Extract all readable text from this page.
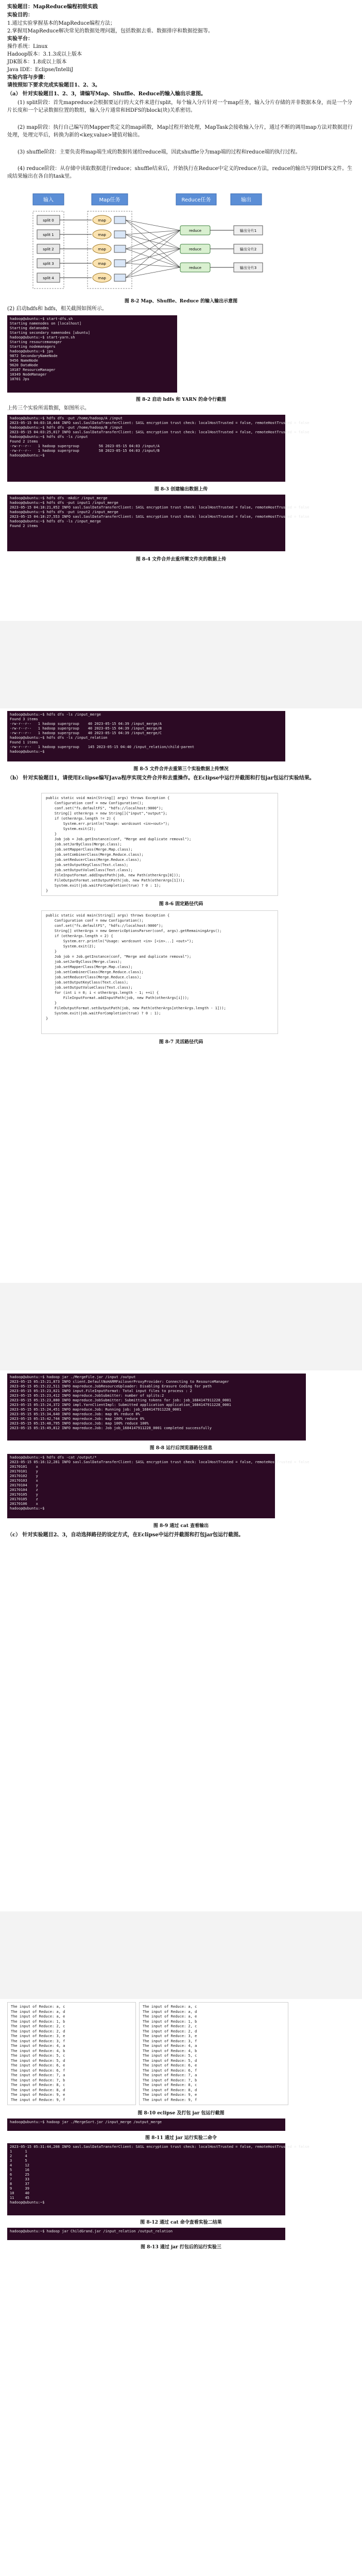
实验题目：MapReduce编程初级实践
实验目的：
1.通过实验掌握基本的MapReduce编程方法；
2.掌握用MapReduce解决常见的数据处理问题，包括数据去重、数据排序和数据挖掘等。
实验平台：
操作系统：Linux
Hadoop版本：3.1.3或以上版本
JDK版本：1.8或以上版本
Java IDE：Eclipse/IntelliJ
实验内容与步骤：
请按照如下要求完成实验题目1、2、3。
（a） 针对实验题目1、2、3，请编写Map、Shuffle、Reduce的输入输出示意图。
(1) split阶段：首先mapreduce会根据要运行的大文件来进行split，每个输入分片针对一个map任务，输入分片存储的并非数据本身，而是一个分片长度和一个记录数据位置的数组，输入分片通常和HDFS的block(块)关系密切。
(2) map阶段：执行自己编写的Mapper类定义的map函数，Map过程开始处理，MapTask会接收输入分片，通过不断的调用map方法对数据进行处理，处理完毕后，转换为新的<key,value>键值对输出。
(3) shuffle阶段：主要负责将map端生成的数据传递给reduce端，因此shuffle分为map端的过程和reduce端的执行过程。
(4) reduce阶段：从存储中读取数据进行reduce；shuffle结束后，开始执行在Reduce中定义的reduce方法，reduce的输出写到HDFS文件。生成结果输出在各自的task里。
输入	Map任务	Reduce任务	输出
split 0
split 1
split 2
split 3
split 4
map
map
map
map
map
reduce
reduce
reduce
输出分片1
输出分片2
输出分片3
图 8-2 Map、Shuffle、Reduce 的输入输出示意图
(2) 启动hdfs和 hdfs，相关截图如图所示。
hadoop@ubuntu:~$ start-dfs.sh
Starting namenodes on [localhost]
Starting datanodes
Starting secondary namenodes [ubuntu]
hadoop@ubuntu:~$ start-yarn.sh
Starting resourcemanager
Starting nodemanagers
hadoop@ubuntu:~$ jps
9872 SecondaryNameNode
9456 NameNode
9620 DataNode
10187 ResourceManager
10349 NodeManager
10701 Jps
图 8-2 启动 hdfs 和 YARN 的命令行截图
上传三个实验所需数据，如图所示。
hadoop@ubuntu:~$ hdfs dfs -put /home/hadoop/A /input
2023-05-15 04:03:18,444 INFO sasl.SaslDataTransferClient: SASL encryption trust check: localHostTrusted = false, remoteHostTrusted = false
hadoop@ubuntu:~$ hdfs dfs -put /home/hadoop/B /input
2023-05-15 04:03:25,017 INFO sasl.SaslDataTransferClient: SASL encryption trust check: localHostTrusted = false, remoteHostTrusted = false
hadoop@ubuntu:~$ hdfs dfs -ls /input
Found 2 items
-rw-r--r--   1 hadoop supergroup         56 2023-05-15 04:03 /input/A
-rw-r--r--   1 hadoop supergroup         58 2023-05-15 04:03 /input/B
hadoop@ubuntu:~$
图 8-3 创建输出数据上传
hadoop@ubuntu:~$ hdfs dfs -mkdir /input_merge
hadoop@ubuntu:~$ hdfs dfs -put input1 /input_merge
2023-05-15 04:18:21,052 INFO sasl.SaslDataTransferClient: SASL encryption trust check: localHostTrusted = false, remoteHostTrusted = false
hadoop@ubuntu:~$ hdfs dfs -put input2 /input_merge
2023-05-15 04:18:27,553 INFO sasl.SaslDataTransferClient: SASL encryption trust check: localHostTrusted = false, remoteHostTrusted = false
hadoop@ubuntu:~$ hdfs dfs -ls /input_merge
Found 2 items
图 8-4 文件合并去重所需文件夹的数据上传
hadoop@ubuntu:~$ hdfs dfs -ls /input_merge
Found 3 items
-rw-r--r--   1 hadoop supergroup    40 2023-05-15 04:39 /input_merge/A
-rw-r--r--   1 hadoop supergroup    40 2023-05-15 04:39 /input_merge/B
-rw-r--r--   1 hadoop supergroup    40 2023-05-15 04:39 /input_merge/C
hadoop@ubuntu:~$ hdfs dfs -ls /input_relation
Found 1 items
-rw-r--r--   1 hadoop supergroup    145 2023-05-15 04:40 /input_relation/child-parent
hadoop@ubuntu:~$
图 8-5 文件合并去重第三个实验数据上传情况
（b） 针对实验题目1，请使用Eclipse编写Java程序实现文件合并和去重操作。在Eclipse中运行并截图和打包jar包运行实验结果。
public static void main(String[] args) throws Exception {
Configuration conf = new Configuration();
conf.set("fs.defaultFS", "hdfs://localhost:9000");
String[] otherArgs = new String[]{"input","output"};
if (otherArgs.length != 2) {
System.err.println("Usage: wordcount <in><out>");
System.exit(2);
}
Job job = Job.getInstance(conf, "Merge and duplicate removal");
job.setJarByClass(Merge.class);
job.setMapperClass(Merge.Map.class);
job.setCombinerClass(Merge.Reduce.class);
job.setReducerClass(Merge.Reduce.class);
job.setOutputKeyClass(Text.class);
job.setOutputValueClass(Text.class);
FileInputFormat.addInputPath(job, new Path(otherArgs[0]));
FileOutputFormat.setOutputPath(job, new Path(otherArgs[1]));
System.exit(job.waitForCompletion(true) ? 0 : 1);
}
图 8-6 固定路径代码
public static void main(String[] args) throws Exception {
Configuration conf = new Configuration();
conf.set("fs.defaultFS", "hdfs://localhost:9000");
String[] otherArgs = new GenericOptionsParser(conf, args).getRemainingArgs();
if (otherArgs.length < 2) {
System.err.println("Usage: wordcount <in> [<in>...] <out>");
System.exit(2);
}
Job job = Job.getInstance(conf, "Merge and duplicate removal");
job.setJarByClass(Merge.class);
job.setMapperClass(Merge.Map.class);
job.setCombinerClass(Merge.Reduce.class);
job.setReducerClass(Merge.Reduce.class);
job.setOutputKeyClass(Text.class);
job.setOutputValueClass(Text.class);
for (int i = 0; i < otherArgs.length - 1; ++i) {
FileInputFormat.addInputPath(job, new Path(otherArgs[i]));
}
FileOutputFormat.setOutputPath(job, new Path(otherArgs[otherArgs.length - 1]));
System.exit(job.waitForCompletion(true) ? 0 : 1);
}
图 8-7 灵活路径代码
hadoop@ubuntu:~$ hadoop jar ./MergeFile.jar /input /output
2023-05-15 05:15:21,873 INFO client.DefaultNoHARMFailoverProxyProvider: Connecting to ResourceManager
2023-05-15 05:15:22,511 INFO mapreduce.JobResourceUploader: Disabling Erasure Coding for path
2023-05-15 05:15:23,021 INFO input.FileInputFormat: Total input files to process : 2
2023-05-15 05:15:23,412 INFO mapreduce.JobSubmitter: number of splits:2
2023-05-15 05:15:23,880 INFO mapreduce.JobSubmitter: Submitting tokens for job: job_1684147911228_0001
2023-05-15 05:15:24,372 INFO impl.YarnClientImpl: Submitted application application_1684147911228_0001
2023-05-15 05:15:24,451 INFO mapreduce.Job: Running job: job_1684147911228_0001
2023-05-15 05:15:34,640 INFO mapreduce.Job: map 0% reduce 0%
2023-05-15 05:15:42,744 INFO mapreduce.Job: map 100% reduce 0%
2023-05-15 05:15:48,795 INFO mapreduce.Job: map 100% reduce 100%
2023-05-15 05:15:49,812 INFO mapreduce.Job: Job job_1684147911228_0001 completed successfully
图 8-8 运行后浏览器路径信息
hadoop@ubuntu:~$ hdfs dfs -cat /output/*
2023-05-15 05:16:12,281 INFO sasl.SaslDataTransferClient: SASL encryption trust check: localHostTrusted = false, remoteHostTrusted = false
20170101    x
20170101    y
20170102    y
20170103    x
20170104    y
20170104    z
20170105    y
20170105    z
20170106    x
hadoop@ubuntu:~$
图 8-9 通过 cat 查看输出
（c） 针对实验题目2、3，自动选择路径的设定方式，在Eclipse中运行并截图和打包jar包运行截图。
The input of Reduce: a, c
The input of Reduce: a, d
The input of Reduce: a, e
The input of Reduce: 1, b
The input of Reduce: 2, c
The input of Reduce: 2, d
The input of Reduce: 3, e
The input of Reduce: 3, f
The input of Reduce: 4, a
The input of Reduce: 4, b
The input of Reduce: 5, c
The input of Reduce: 5, d
The input of Reduce: 6, e
The input of Reduce: 6, f
The input of Reduce: 7, a
The input of Reduce: 7, b
The input of Reduce: 8, c
The input of Reduce: 8, d
The input of Reduce: 9, e
The input of Reduce: 9, f
The input of Reduce: a, c
The input of Reduce: a, d
The input of Reduce: a, e
The input of Reduce: 1, b
The input of Reduce: 2, c
The input of Reduce: 2, d
The input of Reduce: 3, e
The input of Reduce: 3, f
The input of Reduce: 4, a
The input of Reduce: 4, b
The input of Reduce: 5, c
The input of Reduce: 5, d
The input of Reduce: 6, e
The input of Reduce: 6, f
The input of Reduce: 7, a
The input of Reduce: 7, b
The input of Reduce: 8, c
The input of Reduce: 8, d
The input of Reduce: 9, e
The input of Reduce: 9, f
图 8-10 eclipse 及打包 jar 包运行截图
hadoop@ubuntu:~$ hadoop jar ./MergeSort.jar /input_merge /output_merge
图 8-11 通过 jar 运行实验二命令
2023-05-15 05:31:44,208 INFO sasl.SaslDataTransferClient: SASL encryption trust check: localHostTrusted = false, remoteHostTrusted = false
1      1
2      4
3      5
4      12
5      16
6      25
7      33
8      37
9      39
10     40
11     45
hadoop@ubuntu:~$
图 8-12 通过 cat 命令查看实验二结果
hadoop@ubuntu:~$ hadoop jar ChildGrand.jar /input_relation /output_relation
图 8-13 通过 jar 打包后的运行实验三
